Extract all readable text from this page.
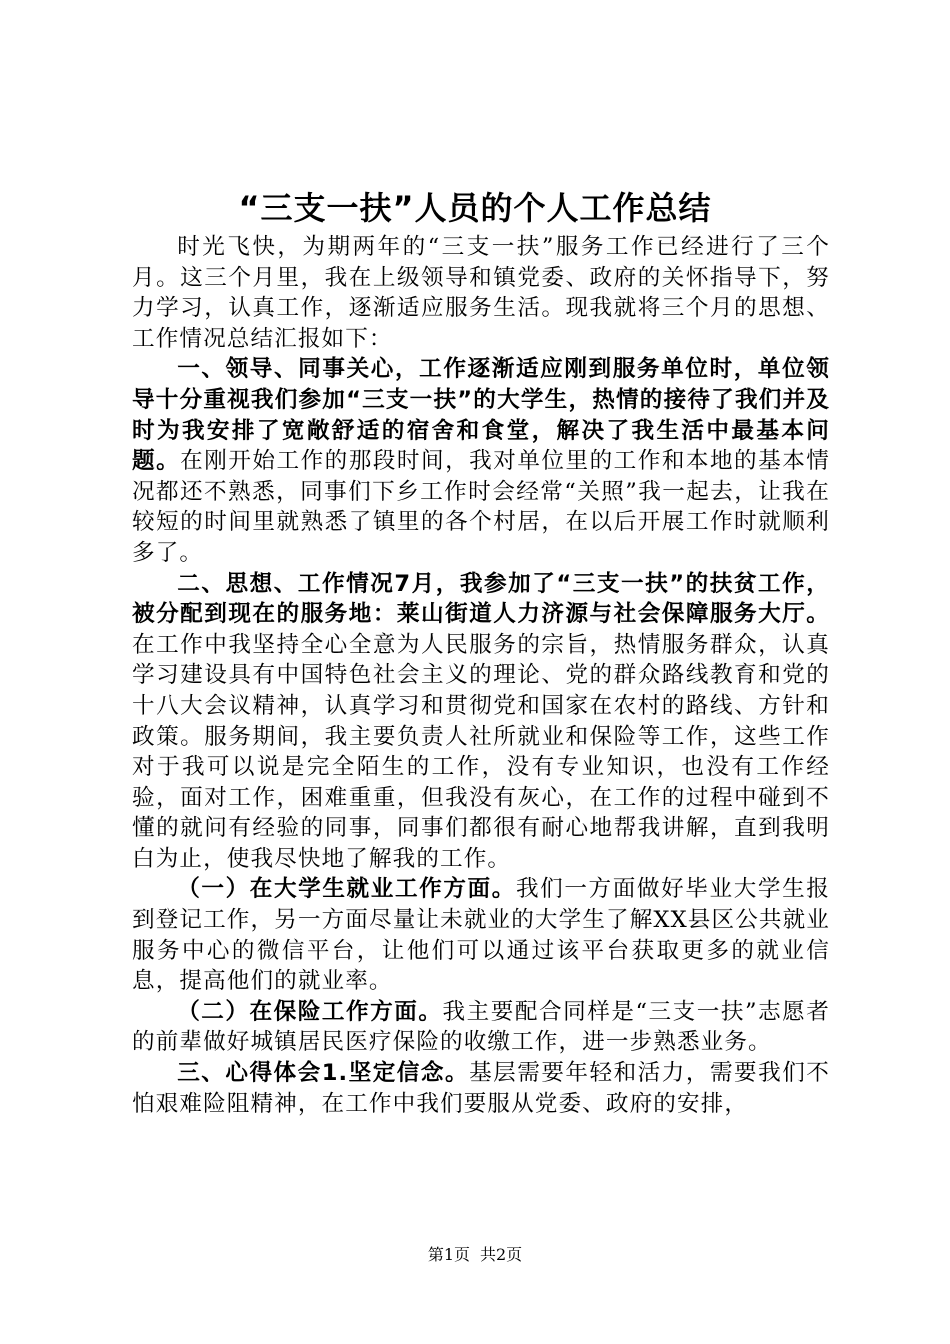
“三支一扶”人员的个人工作总结

时光飞快，为期两年的“三支一扶”服务工作已经进行了三个月。这三个月里，我在上级领导和镇党委、政府的关怀指导下，努力学习，认真工作，逐渐适应服务生活。现我就将三个月的思想、工作情况总结汇报如下：

一、领导、同事关心，工作逐渐适应刚到服务单位时，单位领导十分重视我们参加“三支一扶”的大学生，热情的接待了我们并及时为我安排了宽敞舒适的宿舍和食堂，解决了我生活中最基本问题。在刚开始工作的那段时间，我对单位里的工作和本地的基本情况都还不熟悉，同事们下乡工作时会经常“关照”我一起去，让我在较短的时间里就熟悉了镇里的各个村居，在以后开展工作时就顺利多了。

二、思想、工作情况7月，我参加了“三支一扶”的扶贫工作，被分配到现在的服务地：莱山街道人力济源与社会保障服务大厅。在工作中我坚持全心全意为人民服务的宗旨，热情服务群众，认真学习建设具有中国特色社会主义的理论、党的群众路线教育和党的十八大会议精神，认真学习和贯彻党和国家在农村的路线、方针和政策。服务期间，我主要负责人社所就业和保险等工作，这些工作对于我可以说是完全陌生的工作，没有专业知识，也没有工作经验，面对工作，困难重重，但我没有灰心，在工作的过程中碰到不懂的就问有经验的同事，同事们都很有耐心地帮我讲解，直到我明白为止，使我尽快地了解我的工作。

（一）在大学生就业工作方面。我们一方面做好毕业大学生报到登记工作，另一方面尽量让未就业的大学生了解XX县区公共就业服务中心的微信平台，让他们可以通过该平台获取更多的就业信息，提高他们的就业率。

（二）在保险工作方面。我主要配合同样是“三支一扶”志愿者的前辈做好城镇居民医疗保险的收缴工作，进一步熟悉业务。

三、心得体会1.坚定信念。基层需要年轻和活力，需要我们不怕艰难险阻精神，在工作中我们要服从党委、政府的安排，

第1页 共2页
